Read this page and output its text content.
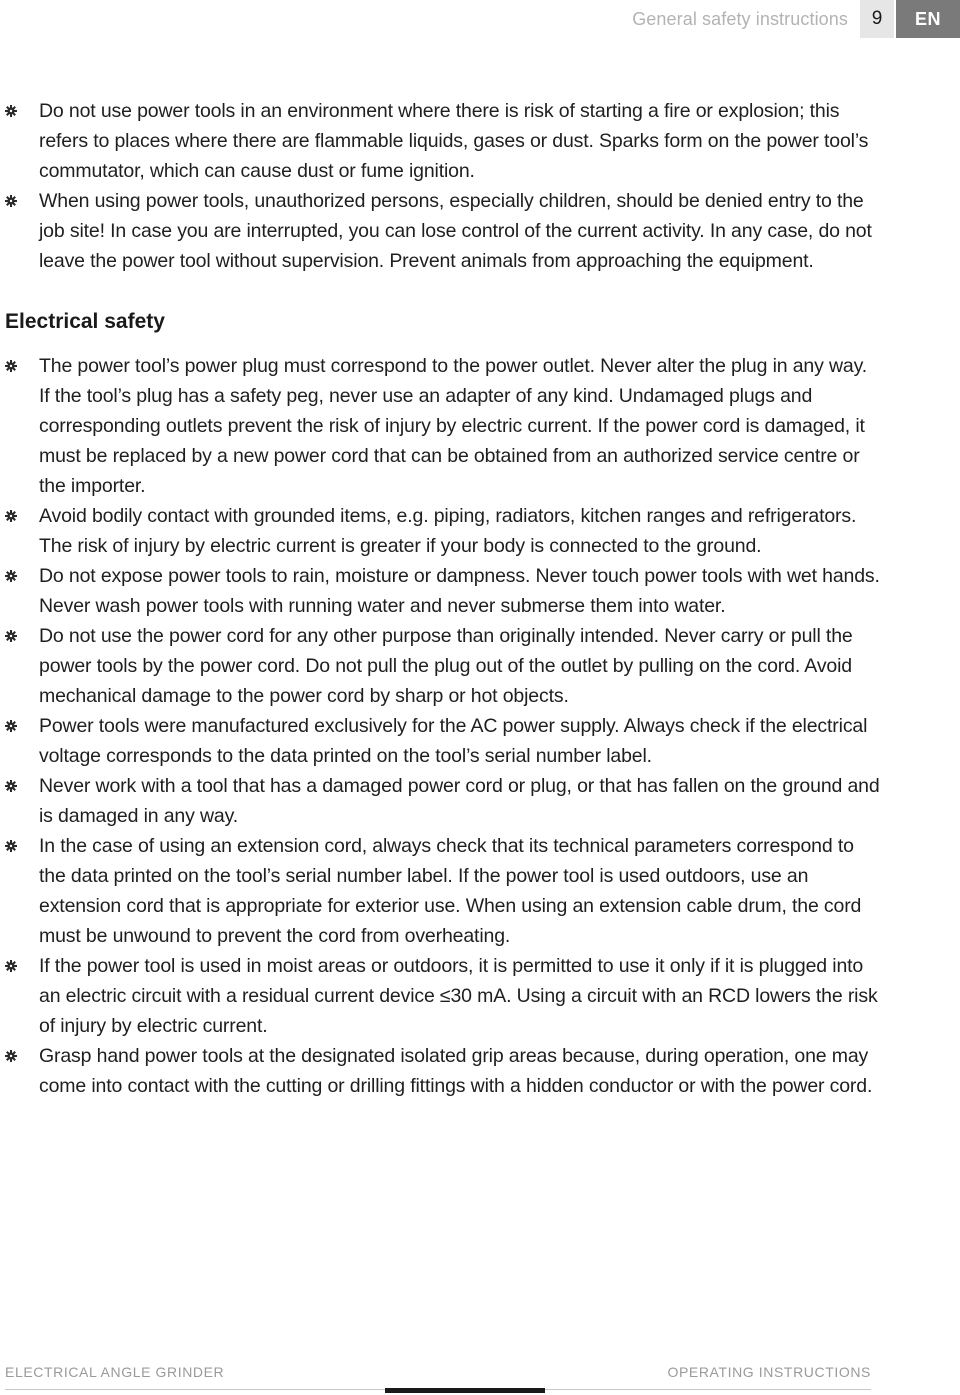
General safety instructions	9	EN
Do not use power tools in an environment where there is risk of starting a fire or explosion; this refers to places where there are flammable liquids, gases or dust. Sparks form on the power tool’s commutator, which can cause dust or fume ignition.
When using power tools, unauthorized persons, especially children, should be denied entry to the job site! In case you are interrupted, you can lose control of the current activity. In any case, do not leave the power tool without supervision. Prevent animals from approaching the equipment.
Electrical safety
The power tool’s power plug must correspond to the power outlet. Never alter the plug in any way. If the tool’s plug has a safety peg, never use an adapter of any kind. Undamaged plugs and corresponding outlets prevent the risk of injury by electric current. If the power cord is damaged, it must be replaced by a new power cord that can be obtained from an authorized service centre or the importer.
Avoid bodily contact with grounded items, e.g. piping, radiators, kitchen ranges and refrigerators. The risk of injury by electric current is greater if your body is connected to the ground.
Do not expose power tools to rain, moisture or dampness. Never touch power tools with wet hands. Never wash power tools with running water and never submerse them into water.
Do not use the power cord for any other purpose than originally intended. Never carry or pull the power tools by the power cord. Do not pull the plug out of the outlet by pulling on the cord. Avoid mechanical damage to the power cord by sharp or hot objects.
Power tools were manufactured exclusively for the AC power supply. Always check if the electrical voltage corresponds to the data printed on the tool’s serial number label.
Never work with a tool that has a damaged power cord or plug, or that has fallen on the ground and is damaged in any way.
In the case of using an extension cord, always check that its technical parameters correspond to the data printed on the tool’s serial number label. If the power tool is used outdoors, use an extension cord that is appropriate for exterior use. When using an extension cable drum, the cord must be unwound to prevent the cord from overheating.
If the power tool is used in moist areas or outdoors, it is permitted to use it only if it is plugged into an electric circuit with a residual current device ≤30 mA. Using a circuit with an RCD lowers the risk of injury by electric current.
Grasp hand power tools at the designated isolated grip areas because, during operation, one may come into contact with the cutting or drilling fittings with a hidden conductor or with the power cord.
ELECTRICAL ANGLE GRINDER	OPERATING INSTRUCTIONS
